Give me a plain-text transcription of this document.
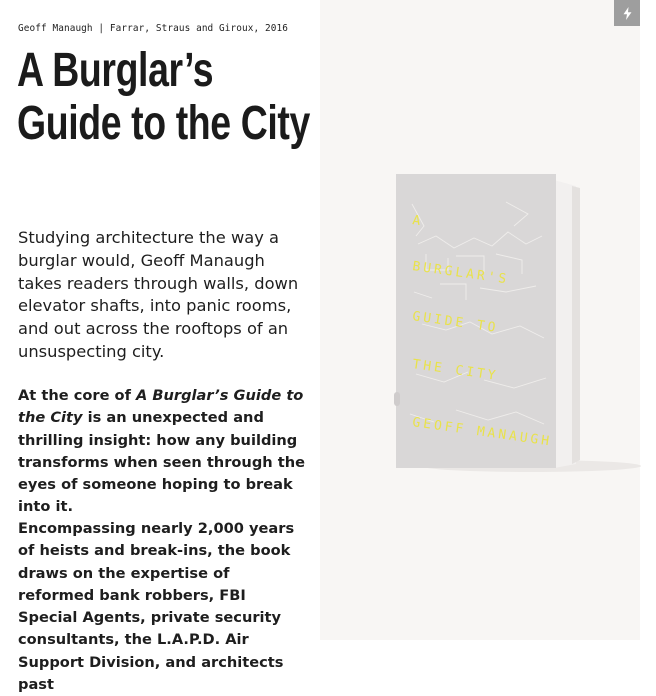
Geoff Manaugh | Farrar, Straus and Giroux, 2016
A Burglar’s Guide to the City

Studying architecture the way a burglar would, Geoff Manaugh takes readers through walls, down elevator shafts, into panic rooms, and out across the rooftops of an unsuspecting city.

At the core of A Burglar’s Guide to the City is an unexpected and thrilling insight: how any building transforms when seen through the eyes of someone hoping to break into it.

Encompassing nearly 2,000 years of heists and break-ins, the book draws on the expertise of reformed bank robbers, FBI Special Agents, private security consultants, the L.A.P.D. Air Support Division, and architects past

A
BURGLAR'S
GUIDE TO
THE CITY
GEOFF MANAUGH
